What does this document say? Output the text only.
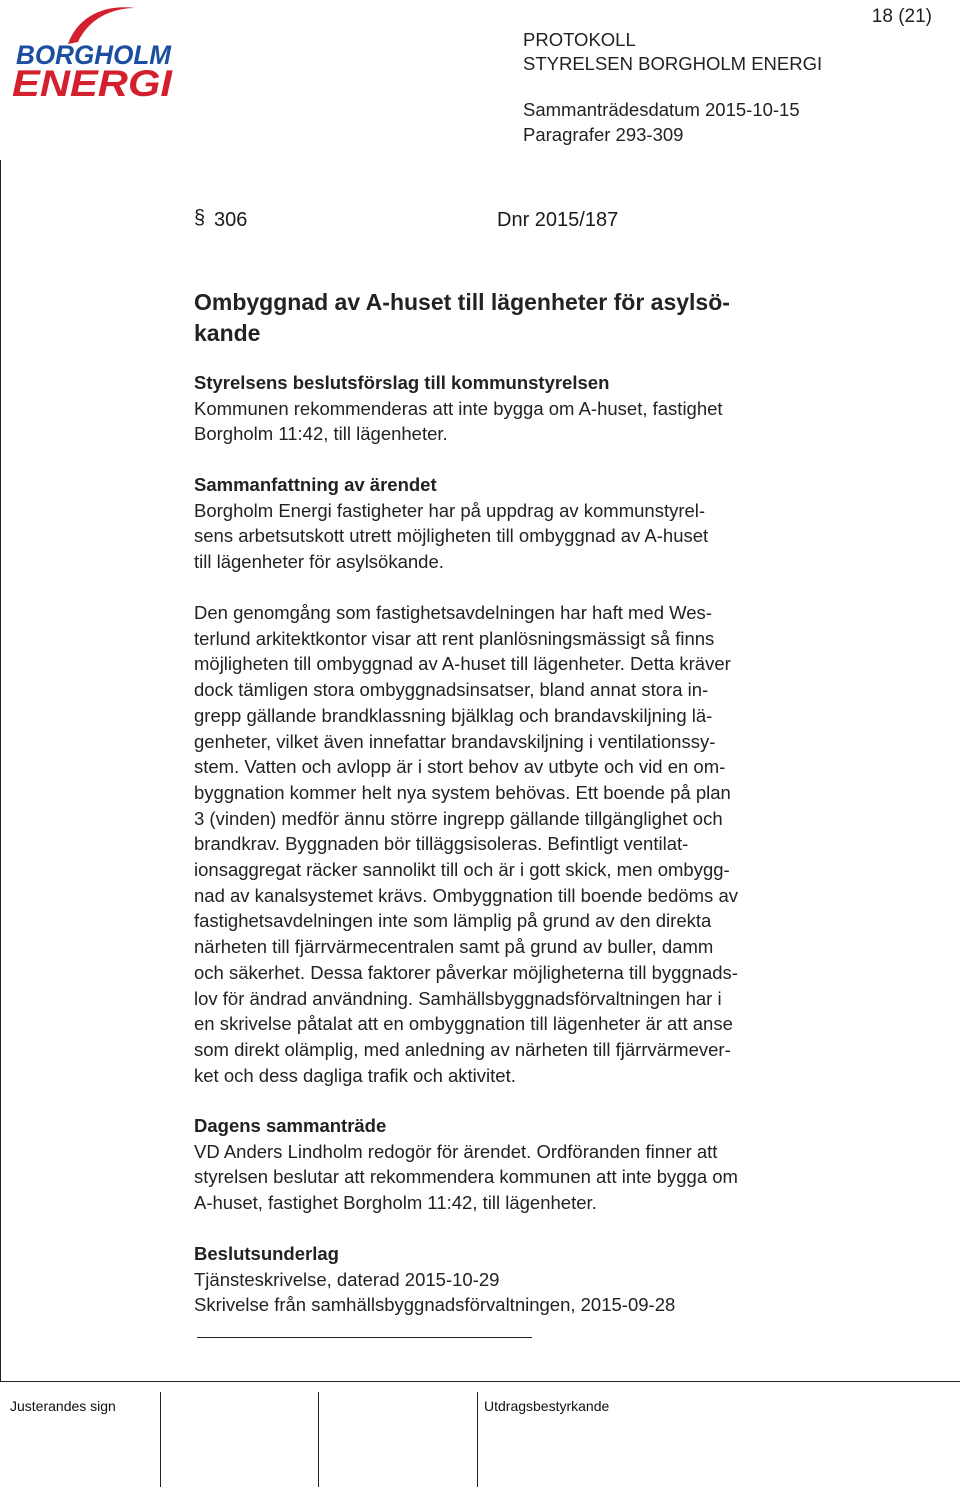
BORGHOLM
ENERGI
18 (21)
PROTOKOLL
STYRELSEN BORGHOLM ENERGI
Sammanträdesdatum 2015-10-15
Paragrafer 293-309
§ 306	Dnr 2015/187
Ombyggnad av A-huset till lägenheter för asylsö-
kande
Styrelsens beslutsförslag till kommunstyrelsen
Kommunen rekommenderas att inte bygga om A-huset, fastighet
Borgholm 11:42, till lägenheter.
Sammanfattning av ärendet
Borgholm Energi fastigheter har på uppdrag av kommunstyrel-
sens arbetsutskott utrett möjligheten till ombyggnad av A-huset
till lägenheter för asylsökande.
Den genomgång som fastighetsavdelningen har haft med Wes-
terlund arkitektkontor visar att rent planlösningsmässigt så finns
möjligheten till ombyggnad av A-huset till lägenheter. Detta kräver
dock tämligen stora ombyggnadsinsatser, bland annat stora in-
grepp gällande brandklassning bjälklag och brandavskiljning lä-
genheter, vilket även innefattar brandavskiljning i ventilationssy-
stem. Vatten och avlopp är i stort behov av utbyte och vid en om-
byggnation kommer helt nya system behövas. Ett boende på plan
3 (vinden) medför ännu större ingrepp gällande tillgänglighet och
brandkrav. Byggnaden bör tilläggsisoleras. Befintligt ventilat-
ionsaggregat räcker sannolikt till och är i gott skick, men ombygg-
nad av kanalsystemet krävs. Ombyggnation till boende bedöms av
fastighetsavdelningen inte som lämplig på grund av den direkta
närheten till fjärrvärmecentralen samt på grund av buller, damm
och säkerhet. Dessa faktorer påverkar möjligheterna till byggnads-
lov för ändrad användning. Samhällsbyggnadsförvaltningen har i
en skrivelse påtalat att en ombyggnation till lägenheter är att anse
som direkt olämplig, med anledning av närheten till fjärrvärmever-
ket och dess dagliga trafik och aktivitet.
Dagens sammanträde
VD Anders Lindholm redogör för ärendet. Ordföranden finner att
styrelsen beslutar att rekommendera kommunen att inte bygga om
A-huset, fastighet Borgholm 11:42, till lägenheter.
Beslutsunderlag
Tjänsteskrivelse, daterad 2015-10-29
Skrivelse från samhällsbyggnadsförvaltningen, 2015-09-28
Justerandes sign	Utdragsbestyrkande
